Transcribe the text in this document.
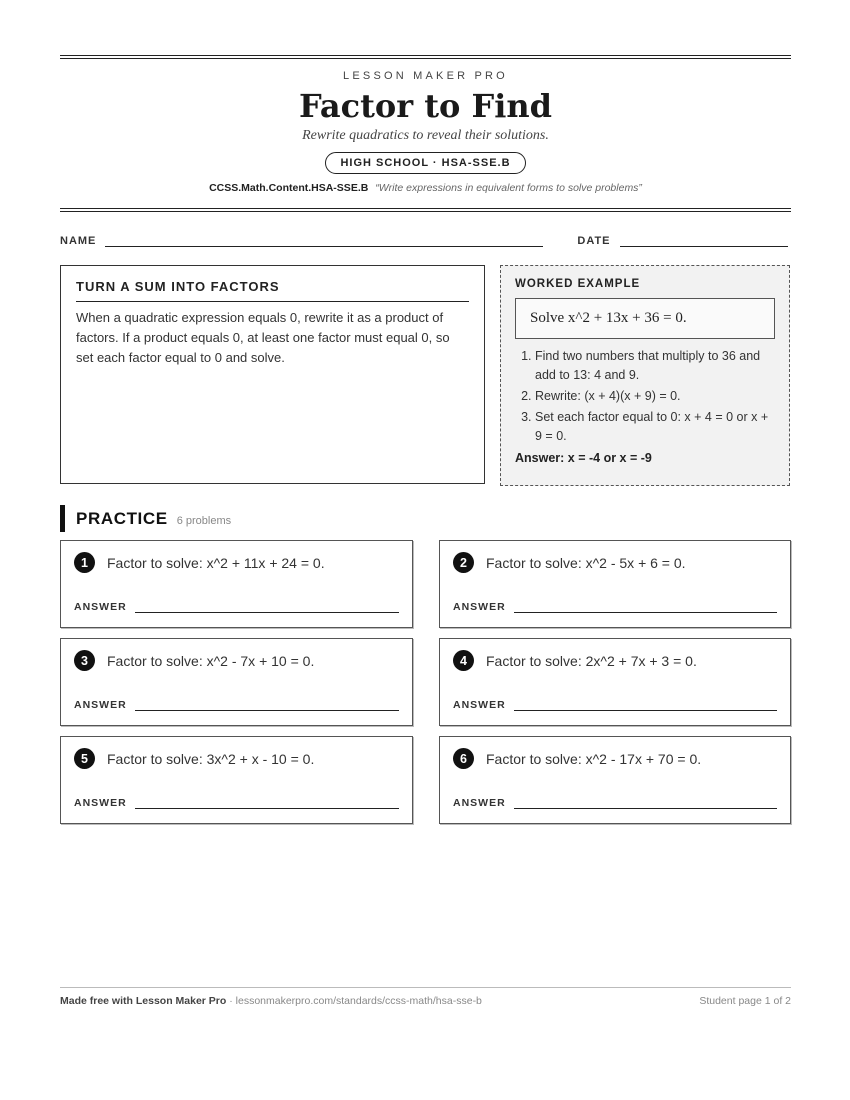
LESSON MAKER PRO
Factor to Find
Rewrite quadratics to reveal their solutions.
HIGH SCHOOL · HSA-SSE.B
CCSS.Math.Content.HSA-SSE.B “Write expressions in equivalent forms to solve problems”
NAME	DATE
TURN A SUM INTO FACTORS
When a quadratic expression equals 0, rewrite it as a product of factors. If a product equals 0, at least one factor must equal 0, so set each factor equal to 0 and solve.
WORKED EXAMPLE
Solve x^2 + 13x + 36 = 0.
1. Find two numbers that multiply to 36 and add to 13: 4 and 9.
2. Rewrite: (x + 4)(x + 9) = 0.
3. Set each factor equal to 0: x + 4 = 0 or x + 9 = 0.
Answer: x = -4 or x = -9
PRACTICE 6 problems
1	Factor to solve: x^2 + 11x + 24 = 0.
ANSWER
2	Factor to solve: x^2 - 5x + 6 = 0.
ANSWER
3	Factor to solve: x^2 - 7x + 10 = 0.
ANSWER
4	Factor to solve: 2x^2 + 7x + 3 = 0.
ANSWER
5	Factor to solve: 3x^2 + x - 10 = 0.
ANSWER
6	Factor to solve: x^2 - 17x + 70 = 0.
ANSWER
Made free with Lesson Maker Pro · lessonmakerpro.com/standards/ccss-math/hsa-sse-b	Student page 1 of 2
